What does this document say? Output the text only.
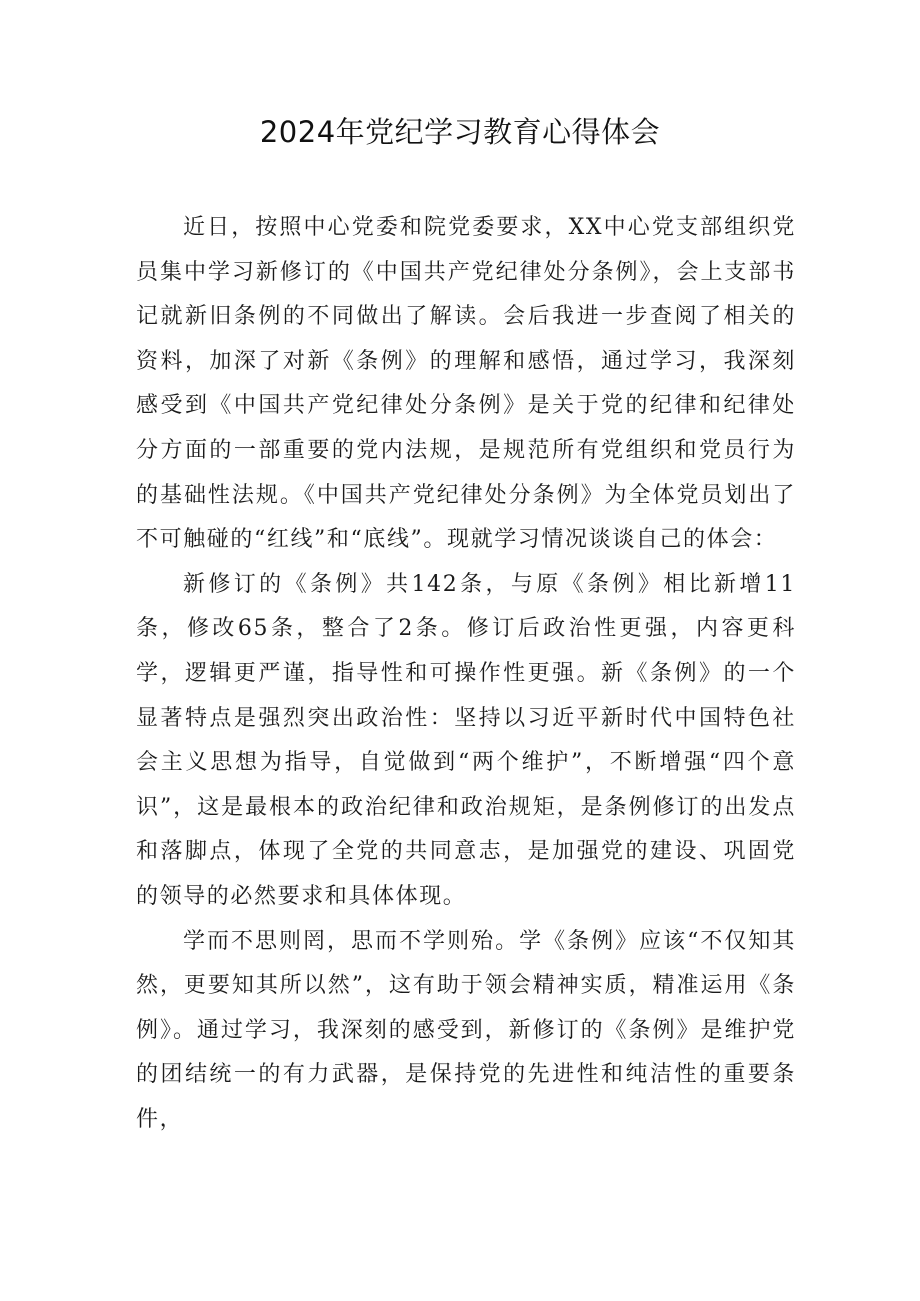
2024年党纪学习教育心得体会

近日，按照中心党委和院党委要求，XX中心党支部组织党员集中学习新修订的《中国共产党纪律处分条例》，会上支部书记就新旧条例的不同做出了解读。会后我进一步查阅了相关的资料，加深了对新《条例》的理解和感悟，通过学习，我深刻感受到《中国共产党纪律处分条例》是关于党的纪律和纪律处分方面的一部重要的党内法规，是规范所有党组织和党员行为的基础性法规。《中国共产党纪律处分条例》为全体党员划出了不可触碰的“红线”和“底线”。现就学习情况谈谈自己的体会：

新修订的《条例》共142条，与原《条例》相比新增11条，修改65条，整合了2条。修订后政治性更强，内容更科学，逻辑更严谨，指导性和可操作性更强。新《条例》的一个显著特点是强烈突出政治性：坚持以习近平新时代中国特色社会主义思想为指导，自觉做到“两个维护”，不断增强“四个意识”，这是最根本的政治纪律和政治规矩，是条例修订的出发点和落脚点，体现了全党的共同意志，是加强党的建设、巩固党的领导的必然要求和具体体现。

学而不思则罔，思而不学则殆。学《条例》应该“不仅知其然，更要知其所以然”，这有助于领会精神实质，精准运用《条例》。通过学习，我深刻的感受到，新修订的《条例》是维护党的团结统一的有力武器，是保持党的先进性和纯洁性的重要条件，
